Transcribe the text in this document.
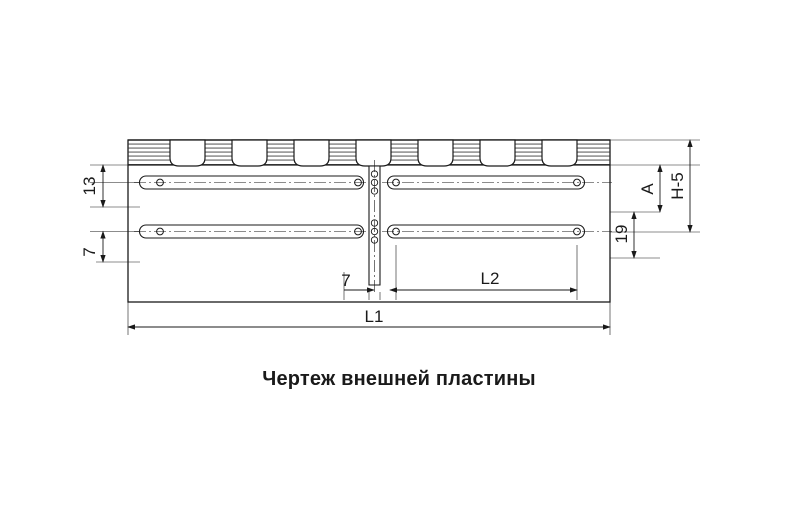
13
7
7	L2
L1
19
A H-5
Чертеж внешней пластины
